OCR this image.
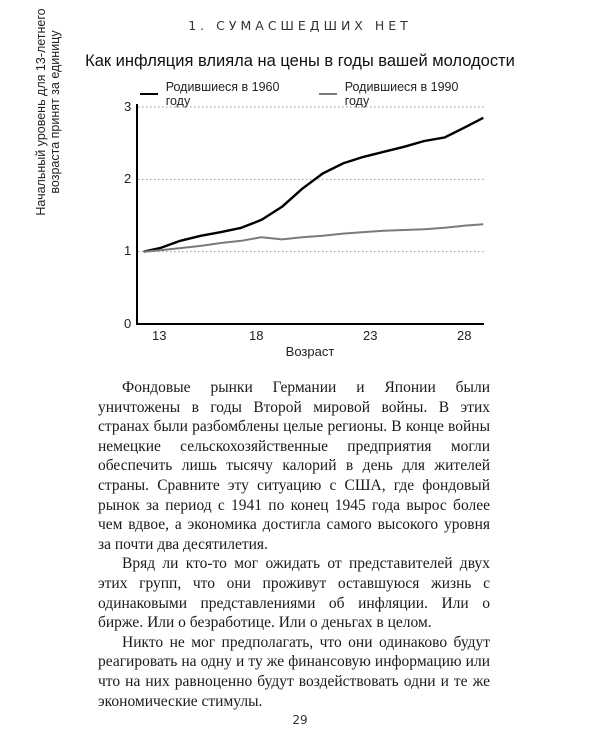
1. СУМАСШЕДШИХ НЕТ
Как инфляция влияла на цены в годы вашей молодости
Родившиеся в 1960 году
Родившиеся в 1990 году
3
2
1
0
13	18	23	28
Начальный уровень для 13-летнего возраста принят за единицу
Возраст

Фондовые рынки Германии и Японии были уничтожены в годы Второй мировой войны. В этих странах были разбомблены целые регионы. В конце войны немецкие сельскохозяйственные предприятия могли обеспечить лишь тысячу калорий в день для жителей страны. Сравните эту ситуацию с США, где фондовый рынок за период с 1941 по конец 1945 года вырос более чем вдвое, а экономика достигла самого высокого уровня за почти два десятилетия.

Вряд ли кто-то мог ожидать от представителей двух этих групп, что они проживут оставшуюся жизнь с одинаковыми представлениями об инфляции. Или о бирже. Или о безработице. Или о деньгах в целом.

Никто не мог предполагать, что они одинаково будут реагировать на одну и ту же финансовую информацию или что на них равноценно будут воздействовать одни и те же экономические стимулы.

29
